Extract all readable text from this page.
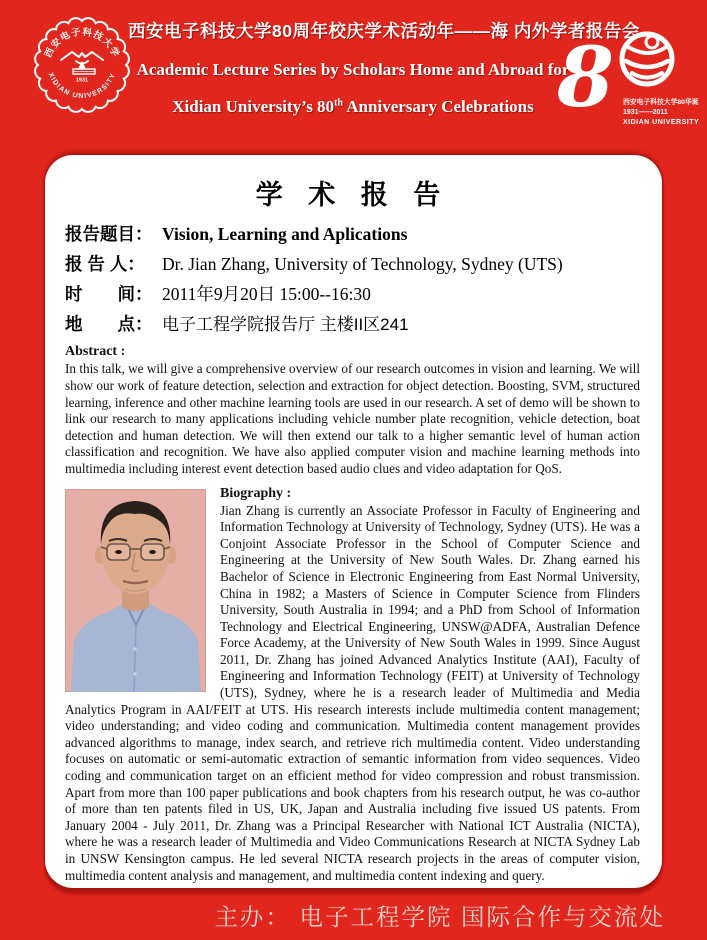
西安电子科技大学
1931
XIDIAN UNIVERSITY
西安电子科技大学80周年校庆学术活动年——海 内外学者报告会
Academic Lecture Series by Scholars Home and Abroad for
Xidian University’s 80th Anniversary Celebrations 8 西安电子科技大学80华诞
1931——2011
XIDIAN UNIVERSITY
学 术 报 告
报告题目： Vision, Learning and Aplications
报 告 人： Dr. Jian Zhang, University of Technology, Sydney (UTS)
时　　间： 2011年9月20日 15:00--16:30
地　　点： 电子工程学院报告厅 主楼II区241
Abstract :
In this talk, we will give a comprehensive overview of our research outcomes in vision and learning. We will show our work of feature detection, selection and extraction for object detection. Boosting, SVM, structured learning, inference and other machine learning tools are used in our research. A set of demo will be shown to link our research to many applications including vehicle number plate recognition, vehicle detection, boat detection and human detection. We will then extend our talk to a higher semantic level of human action classification and recognition. We have also applied computer vision and machine learning methods into multimedia including interest event detection based audio clues and video adaptation for QoS.
Biography :
Jian Zhang is currently an Associate Professor in Faculty of Engineering and Information Technology at University of Technology, Sydney (UTS). He was a Conjoint Associate Professor in the School of Computer Science and Engineering at the University of New South Wales. Dr. Zhang earned his Bachelor of Science in Electronic Engineering from East Normal University, China in 1982; a Masters of Science in Computer Science from Flinders University, South Australia in 1994; and a PhD from School of Information Technology and Electrical Engineering, UNSW@ADFA, Australian Defence Force Academy, at the University of New South Wales in 1999. Since August 2011, Dr. Zhang has joined Advanced Analytics Institute (AAI), Faculty of Engineering and Information Technology (FEIT) at University of Technology (UTS), Sydney, where he is a research leader of Multimedia and Media Analytics Program in AAI/FEIT at UTS. His research interests include multimedia content management; video understanding; and video coding and communication. Multimedia content management provides advanced algorithms to manage, index search, and retrieve rich multimedia content. Video understanding focuses on automatic or semi-automatic extraction of semantic information from video sequences. Video coding and communication target on an efficient method for video compression and robust transmission. Apart from more than 100 paper publications and book chapters from his research output, he was co-author of more than ten patents filed in US, UK, Japan and Australia including five issued US patents. From January 2004 - July 2011, Dr. Zhang was a Principal Researcher with National ICT Australia (NICTA), where he was a research leader of Multimedia and Video Communications Research at NICTA Sydney Lab in UNSW Kensington campus. He led several NICTA research projects in the areas of computer vision, multimedia content analysis and management, and multimedia content indexing and query.
主办： 电子工程学院 国际合作与交流处
